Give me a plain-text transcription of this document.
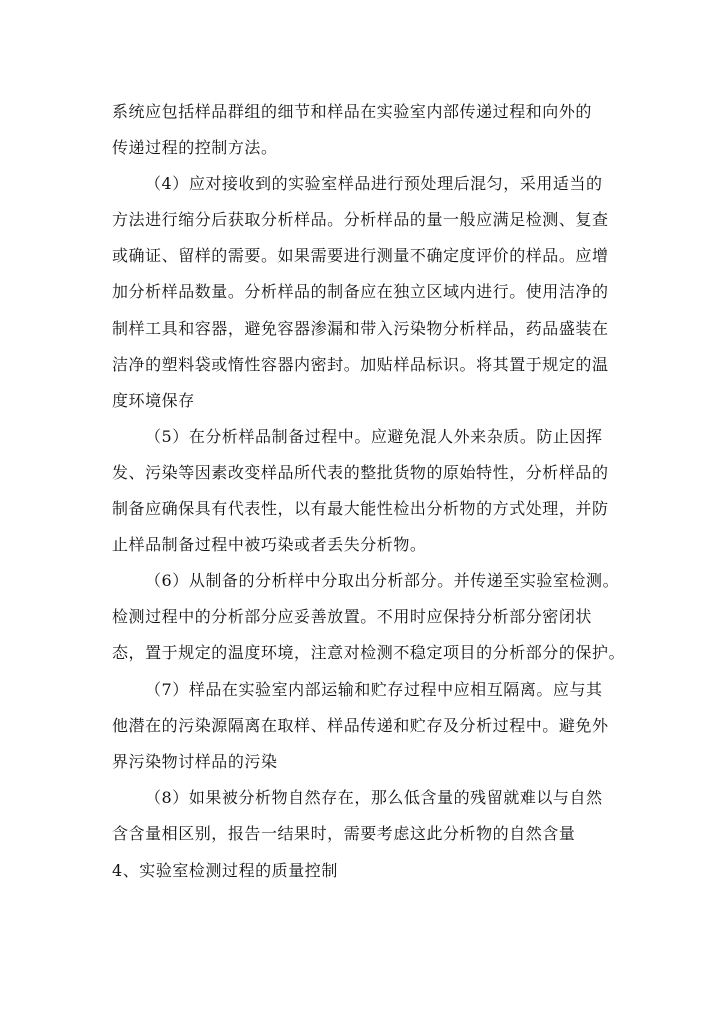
系统应包括样品群组的细节和样品在实验室内部传递过程和向外的
传递过程的控制方法。
（4）应对接收到的实验室样品进行预处理后混匀，采用适当的
方法进行缩分后获取分析样品。分析样品的量一般应满足检测、复查
或确证、留样的需要。如果需要进行测量不确定度评价的样品。应增
加分析样品数量。分析样品的制备应在独立区域内进行。使用洁净的
制样工具和容器，避免容器渗漏和带入污染物分析样品，药品盛装在
洁净的塑料袋或惰性容器内密封。加贴样品标识。将其置于规定的温
度环境保存
（5）在分析样品制备过程中。应避免混人外来杂质。防止因挥
发、污染等因素改变样品所代表的整批货物的原始特性，分析样品的
制备应确保具有代表性，以有最大能性检出分析物的方式处理，并防
止样品制备过程中被巧染或者丢失分析物。
（6）从制备的分析样中分取出分析部分。并传递至实验室检测。
检测过程中的分析部分应妥善放置。不用时应保持分析部分密闭状
态，置于规定的温度环境，注意对检测不稳定项目的分析部分的保护。
（7）样品在实验室内部运输和贮存过程中应相互隔离。应与其
他潜在的污染源隔离在取样、样品传递和贮存及分析过程中。避免外
界污染物讨样品的污染
（8）如果被分析物自然存在，那么低含量的残留就难以与自然
含含量相区别，报告一结果时，需要考虑这此分析物的自然含量
4、实验室检测过程的质量控制
